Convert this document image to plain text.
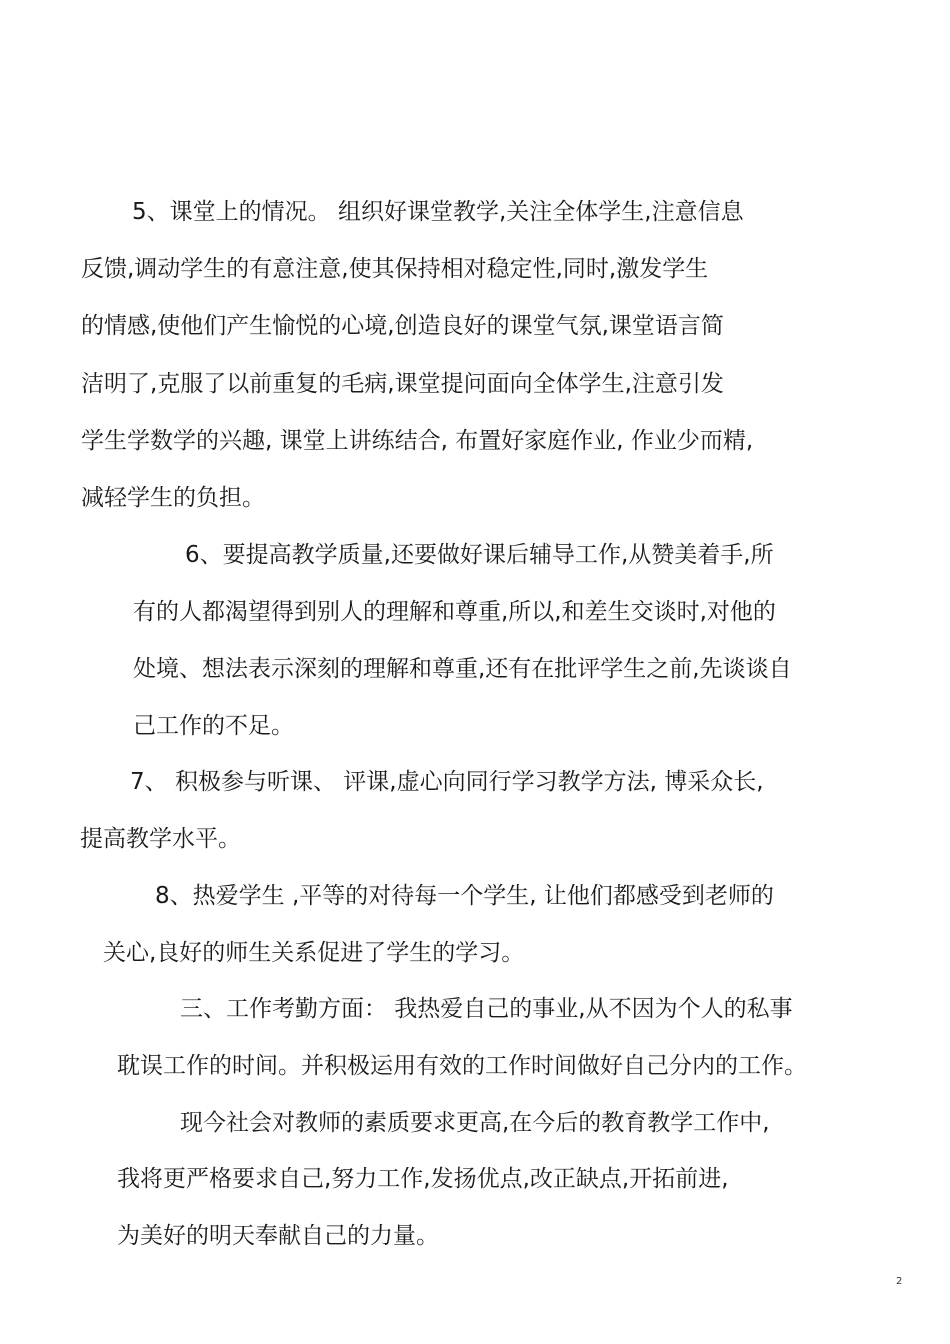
5、课堂上的情况。 组织好课堂教学,关注全体学生,注意信息

反馈,调动学生的有意注意,使其保持相对稳定性,同时,激发学生

的情感,使他们产生愉悦的心境,创造良好的课堂气氛,课堂语言简

洁明了,克服了以前重复的毛病,课堂提问面向全体学生,注意引发

学生学数学的兴趣, 课堂上讲练结合, 布置好家庭作业, 作业少而精,

减轻学生的负担。

6、要提高教学质量,还要做好课后辅导工作,从赞美着手,所

有的人都渴望得到别人的理解和尊重,所以,和差生交谈时,对他的

处境、想法表示深刻的理解和尊重,还有在批评学生之前,先谈谈自

己工作的不足。

7、 积极参与听课、 评课,虚心向同行学习教学方法, 博采众长,

提高教学水平。

8、热爱学生 ,平等的对待每一个学生, 让他们都感受到老师的

关心,良好的师生关系促进了学生的学习。

三、工作考勤方面： 我热爱自己的事业,从不因为个人的私事

耽误工作的时间。并积极运用有效的工作时间做好自己分内的工作。

现今社会对教师的素质要求更高,在今后的教育教学工作中,

我将更严格要求自己,努力工作,发扬优点,改正缺点,开拓前进,

为美好的明天奉献自己的力量。

2
